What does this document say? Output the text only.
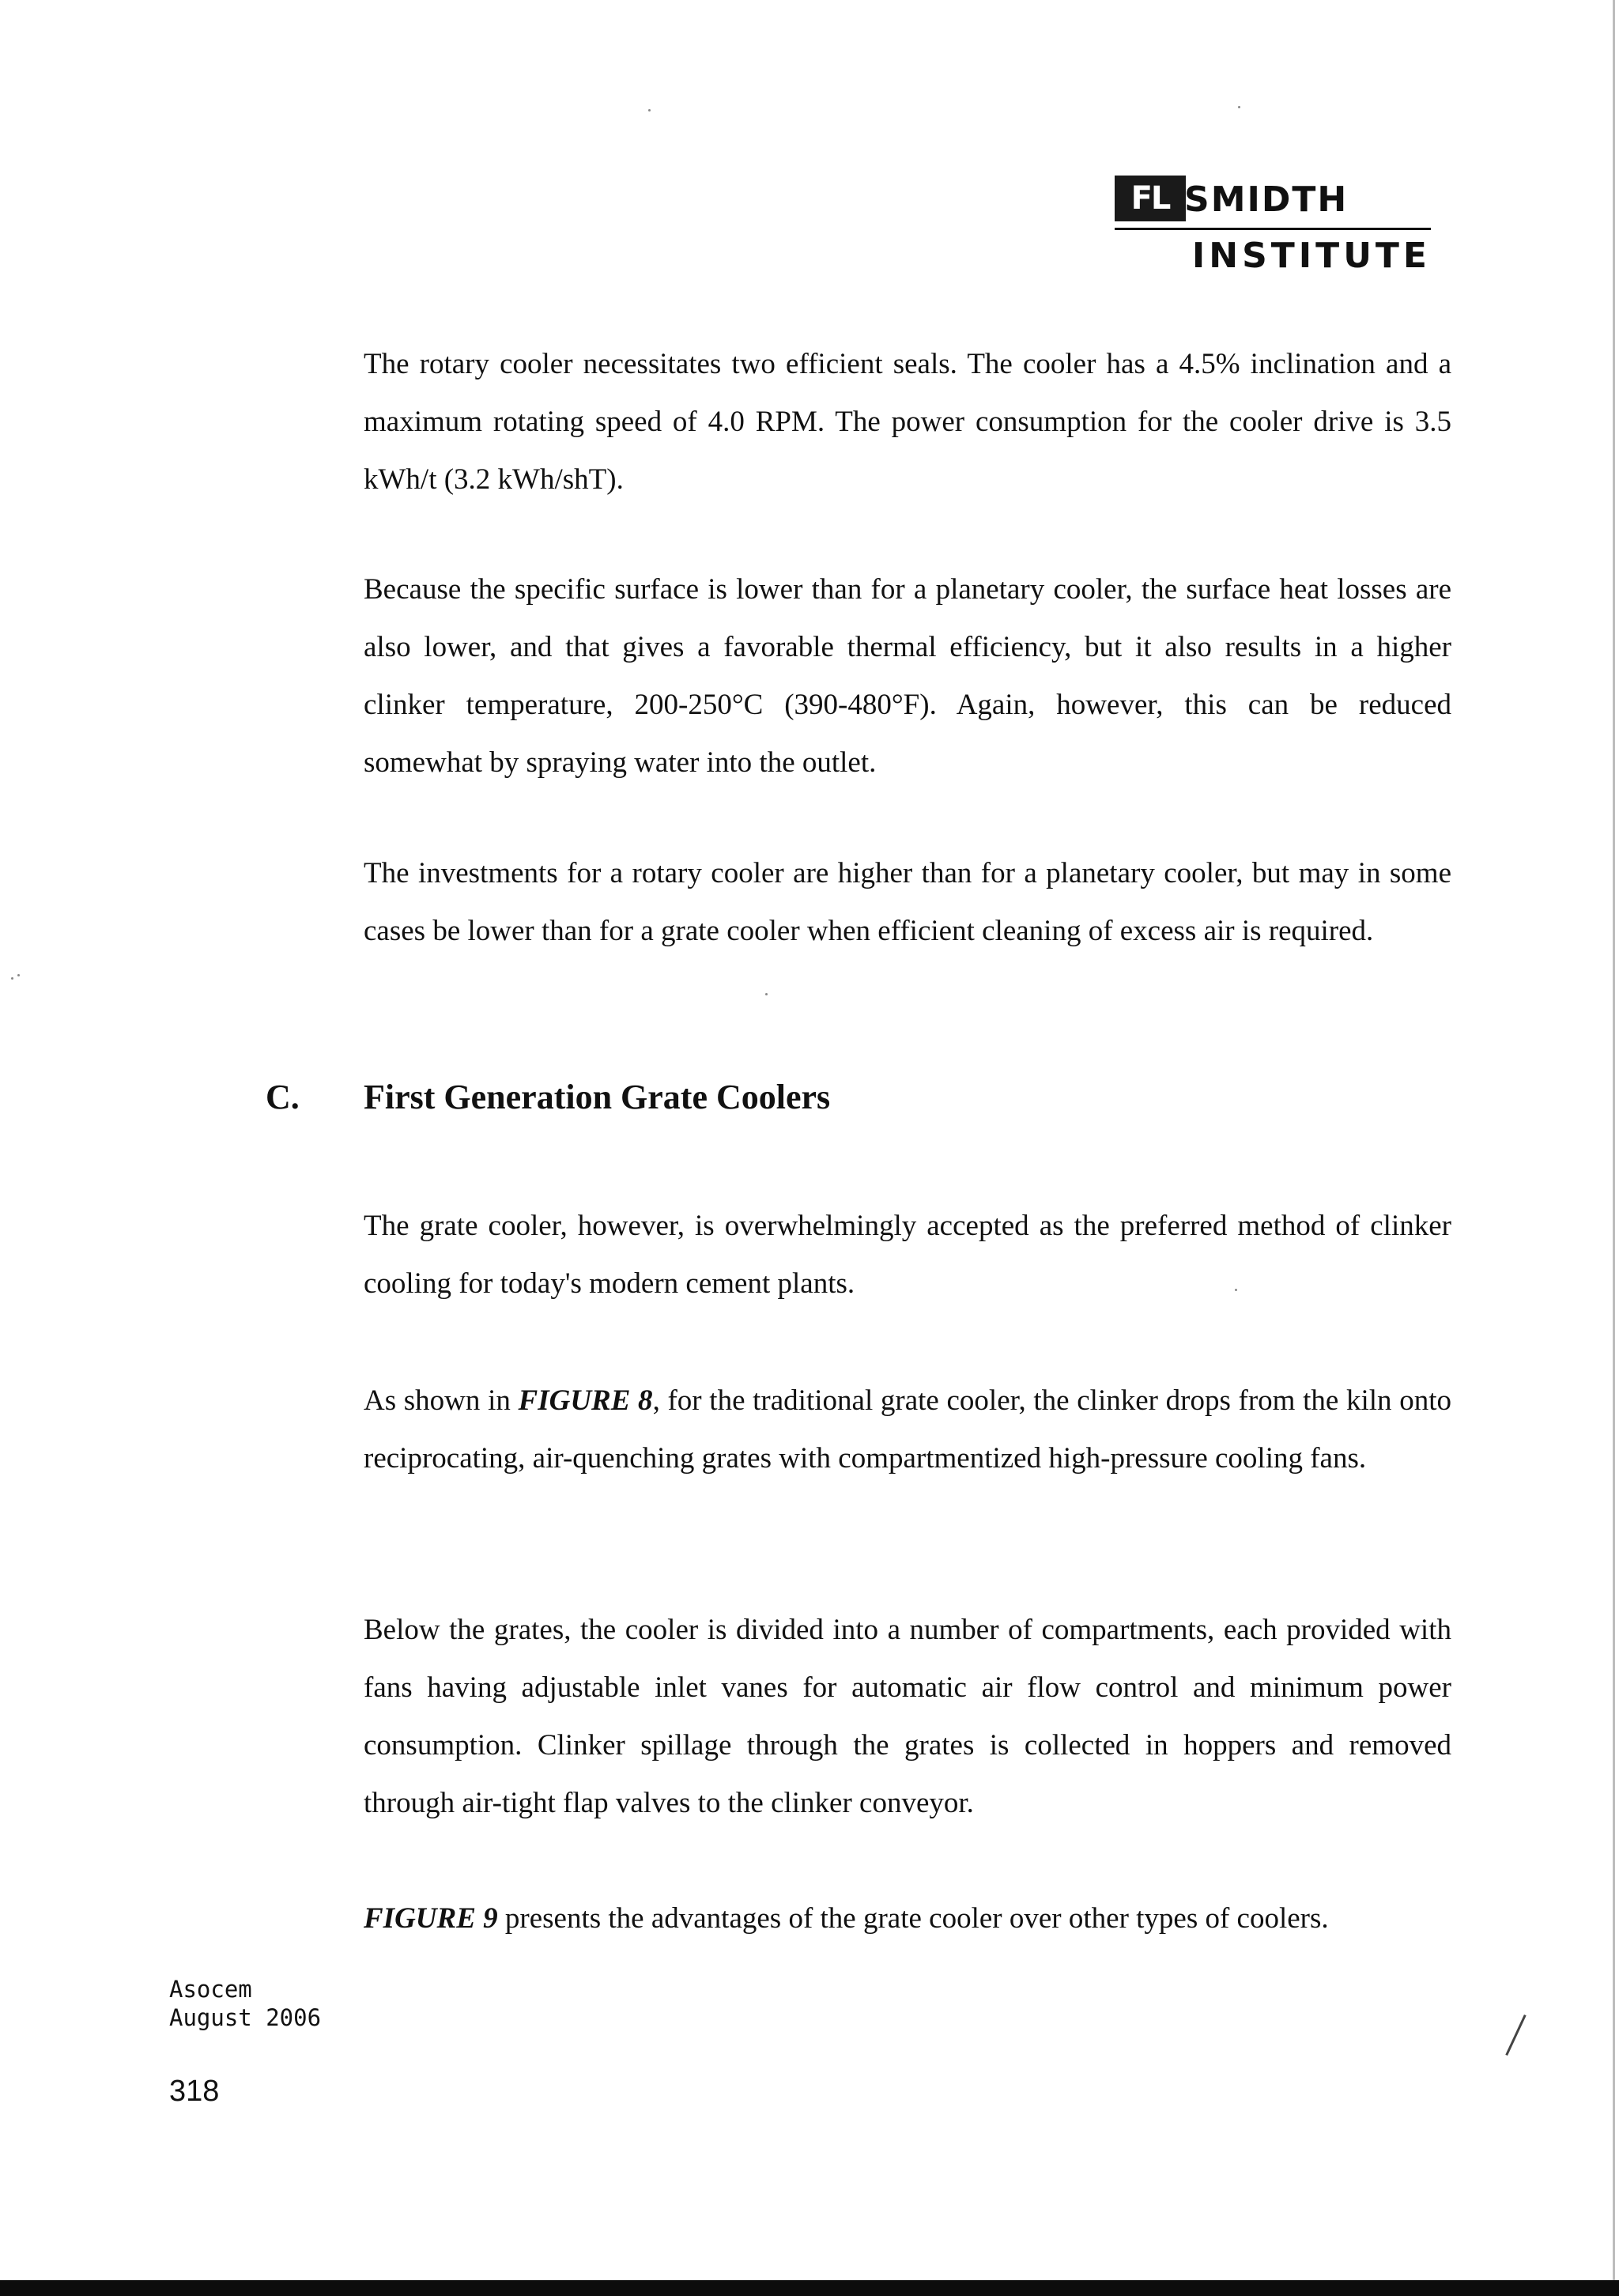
FL SMIDTH
INSTITUTE

The rotary cooler necessitates two efficient seals. The cooler has a 4.5% inclination and a maximum rotating speed of 4.0 RPM. The power consumption for the cooler drive is 3.5 kWh/t (3.2 kWh/shT).

Because the specific surface is lower than for a planetary cooler, the surface heat losses are also lower, and that gives a favorable thermal efficiency, but it also results in a higher clinker temperature, 200-250°C (390-480°F). Again, however, this can be reduced somewhat by spraying water into the outlet.

The investments for a rotary cooler are higher than for a planetary cooler, but may in some cases be lower than for a grate cooler when efficient cleaning of excess air is required.

C. First Generation Grate Coolers

The grate cooler, however, is overwhelmingly accepted as the preferred method of clinker cooling for today's modern cement plants.

As shown in FIGURE 8, for the traditional grate cooler, the clinker drops from the kiln onto reciprocating, air-quenching grates with compartmentized high-pressure cooling fans.

Below the grates, the cooler is divided into a number of compartments, each provided with fans having adjustable inlet vanes for automatic air flow control and minimum power consumption. Clinker spillage through the grates is collected in hoppers and removed through air-tight flap valves to the clinker conveyor.

FIGURE 9 presents the advantages of the grate cooler over other types of coolers.

Asocem
August 2006
318
